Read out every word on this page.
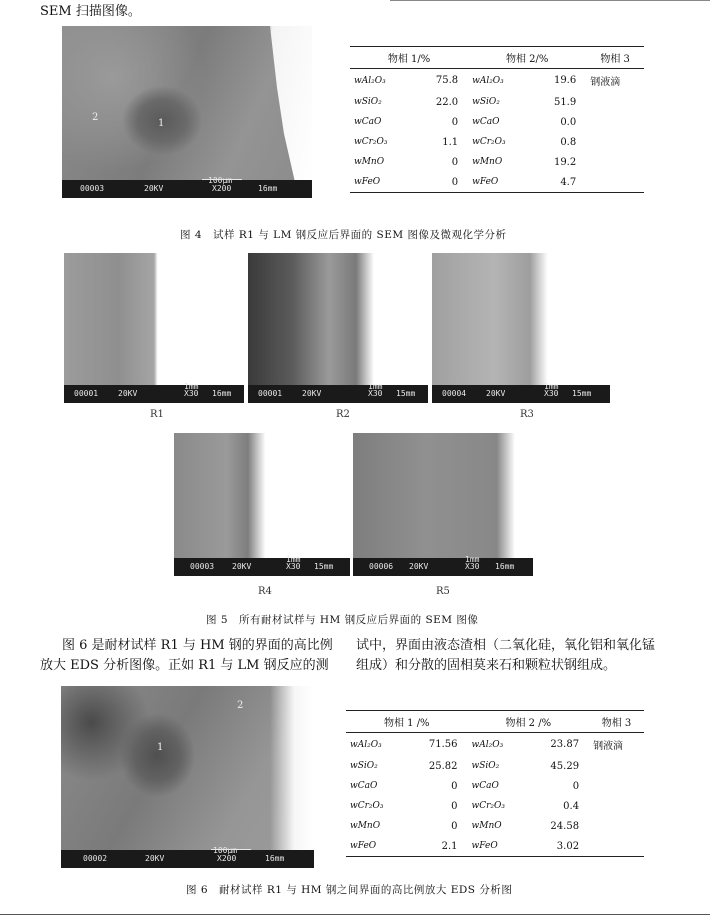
SEM 扫描图像。
1
2
00003	20KV
100μm
X200	16mm
物相 1/%		物相 2/%		物相 3
wAl₂O₃	75.8	wAl₂O₃	19.6	钢液滴
wSiO₂	22.0	wSiO₂	51.9	
wCaO	0	wCaO	0.0	
wCr₂O₃	1.1	wCr₂O₃	0.8	
wMnO	0	wMnO	19.2	
wFeO	0	wFeO	4.7	
图 4　试样 R1 与 LM 钢反应后界面的 SEM 图像及微观化学分析
00001 20KV
1mm
X30 16mm	00001 20KV
1mm
X30 15mm	00004 20KV
1mm
X30 15mm
R1	R2	R3
00003 20KV
1mm
X30 15mm	00006 20KV
1mm
X30 16mm
R4	R5
图 5　所有耐材试样与 HM 钢反应后界面的 SEM 图像
图 6 是耐材试样 R1 与 HM 钢的界面的高比例
放大 EDS 分析图像。正如 R1 与 LM 钢反应的测
试中，界面由液态渣相（二氧化硅，氧化铝和氧化锰
组成）和分散的固相莫来石和颗粒状钢组成。
1
2
00002	20KV
100μm
X200	16mm
物相 1 /%		物相 2 /%		物相 3
wAl₂O₃	71.56	wAl₂O₃	23.87	钢液滴
wSiO₂	25.82	wSiO₂	45.29	
wCaO	0	wCaO	0	
wCr₂O₃	0	wCr₂O₃	0.4	
wMnO	0	wMnO	24.58	
wFeO	2.1	wFeO	3.02	
图 6　耐材试样 R1 与 HM 钢之间界面的高比例放大 EDS 分析图
